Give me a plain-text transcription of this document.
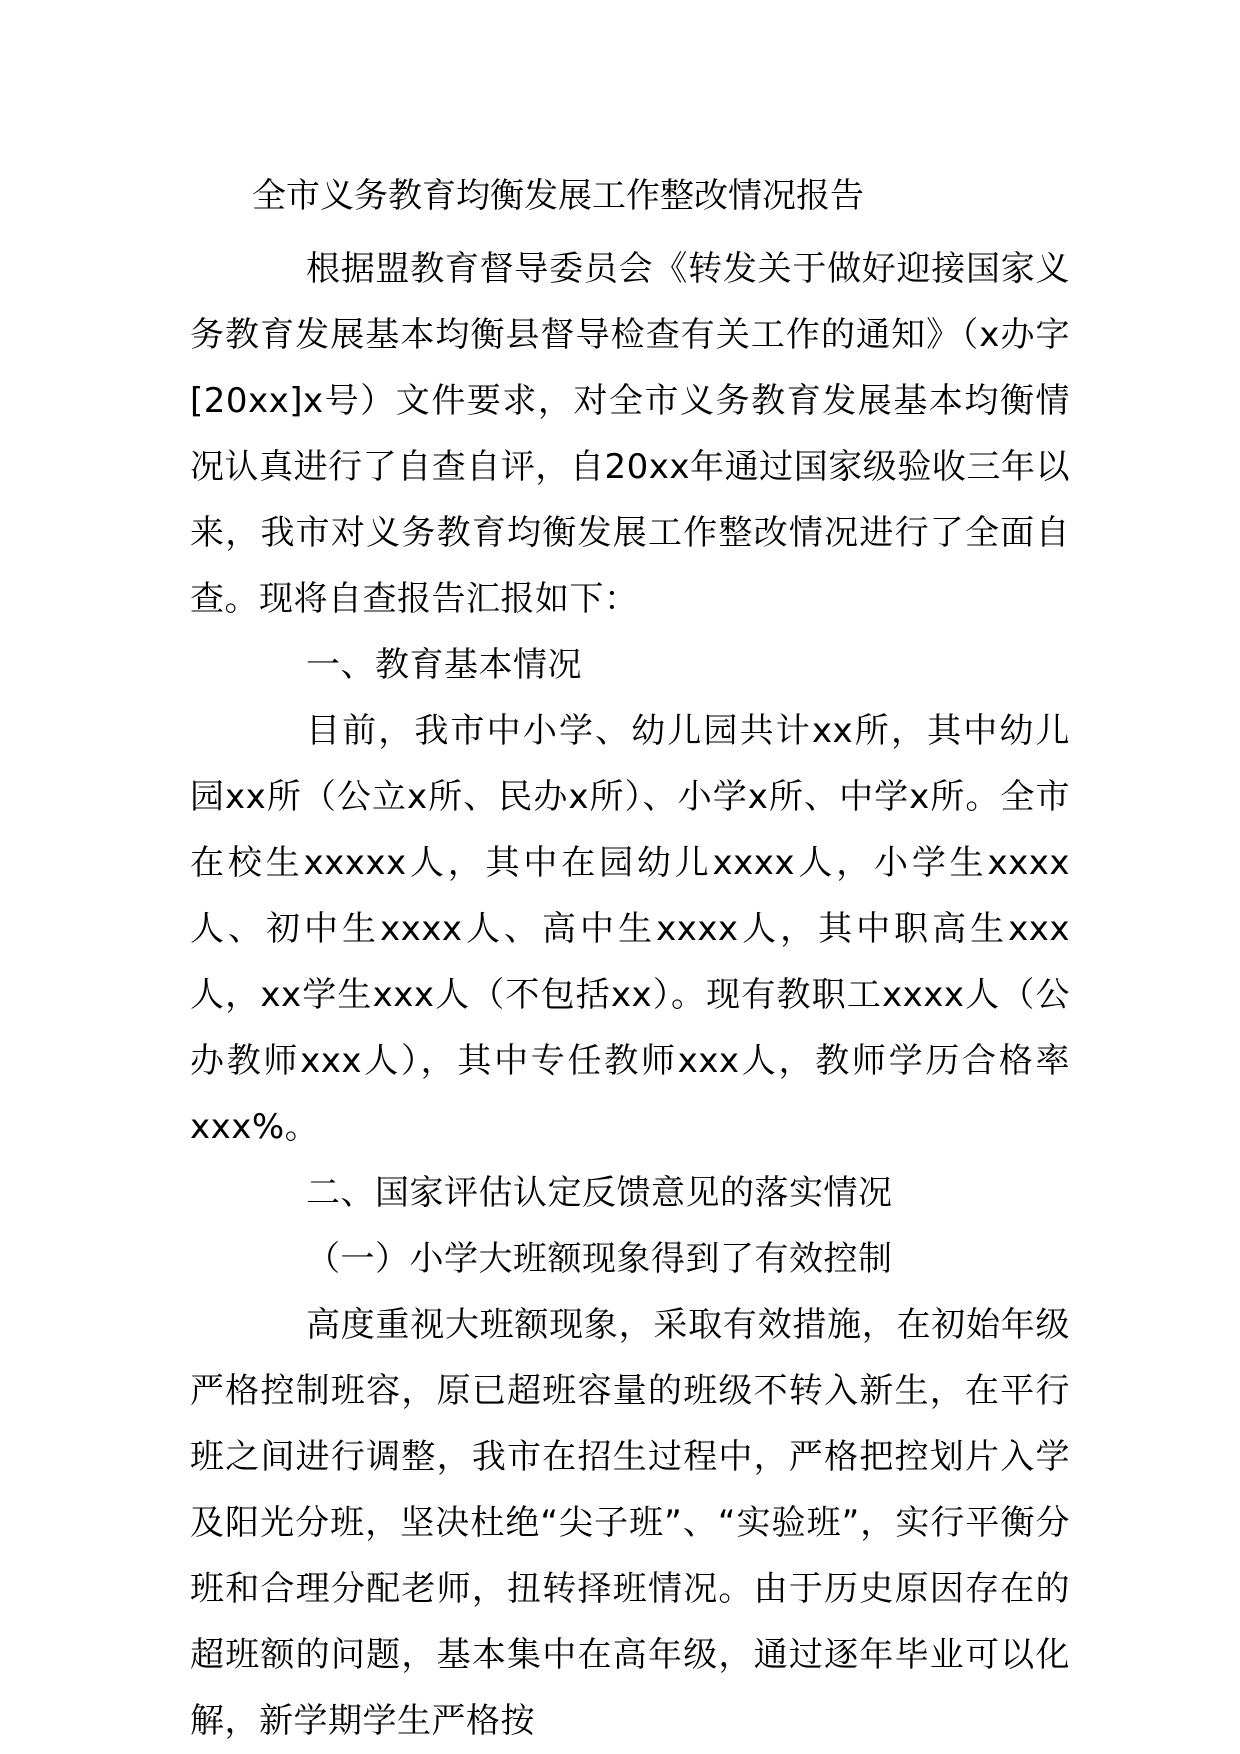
全市义务教育均衡发展工作整改情况报告

根据盟教育督导委员会《转发关于做好迎接国家义务教育发展基本均衡县督导检查有关工作的通知》（x办字[20xx]x号）文件要求，对全市义务教育发展基本均衡情况认真进行了自查自评，自20xx年通过国家级验收三年以来，我市对义务教育均衡发展工作整改情况进行了全面自查。现将自查报告汇报如下：

一、教育基本情况

目前，我市中小学、幼儿园共计xx所，其中幼儿园xx所（公立x所、民办x所）、小学x所、中学x所。全市在校生xxxxx人，其中在园幼儿xxxx人，小学生xxxx人、初中生xxxx人、高中生xxxx人，其中职高生xxx人，xx学生xxx人（不包括xx）。现有教职工xxxx人（公办教师xxx人），其中专任教师xxx人，教师学历合格率xxx%。

二、国家评估认定反馈意见的落实情况

（一）小学大班额现象得到了有效控制

高度重视大班额现象，采取有效措施，在初始年级严格控制班容，原已超班容量的班级不转入新生，在平行班之间进行调整，我市在招生过程中，严格把控划片入学及阳光分班，坚决杜绝“尖子班”、“实验班”，实行平衡分班和合理分配老师，扭转择班情况。由于历史原因存在的超班额的问题，基本集中在高年级，通过逐年毕业可以化解，新学期学生严格按
